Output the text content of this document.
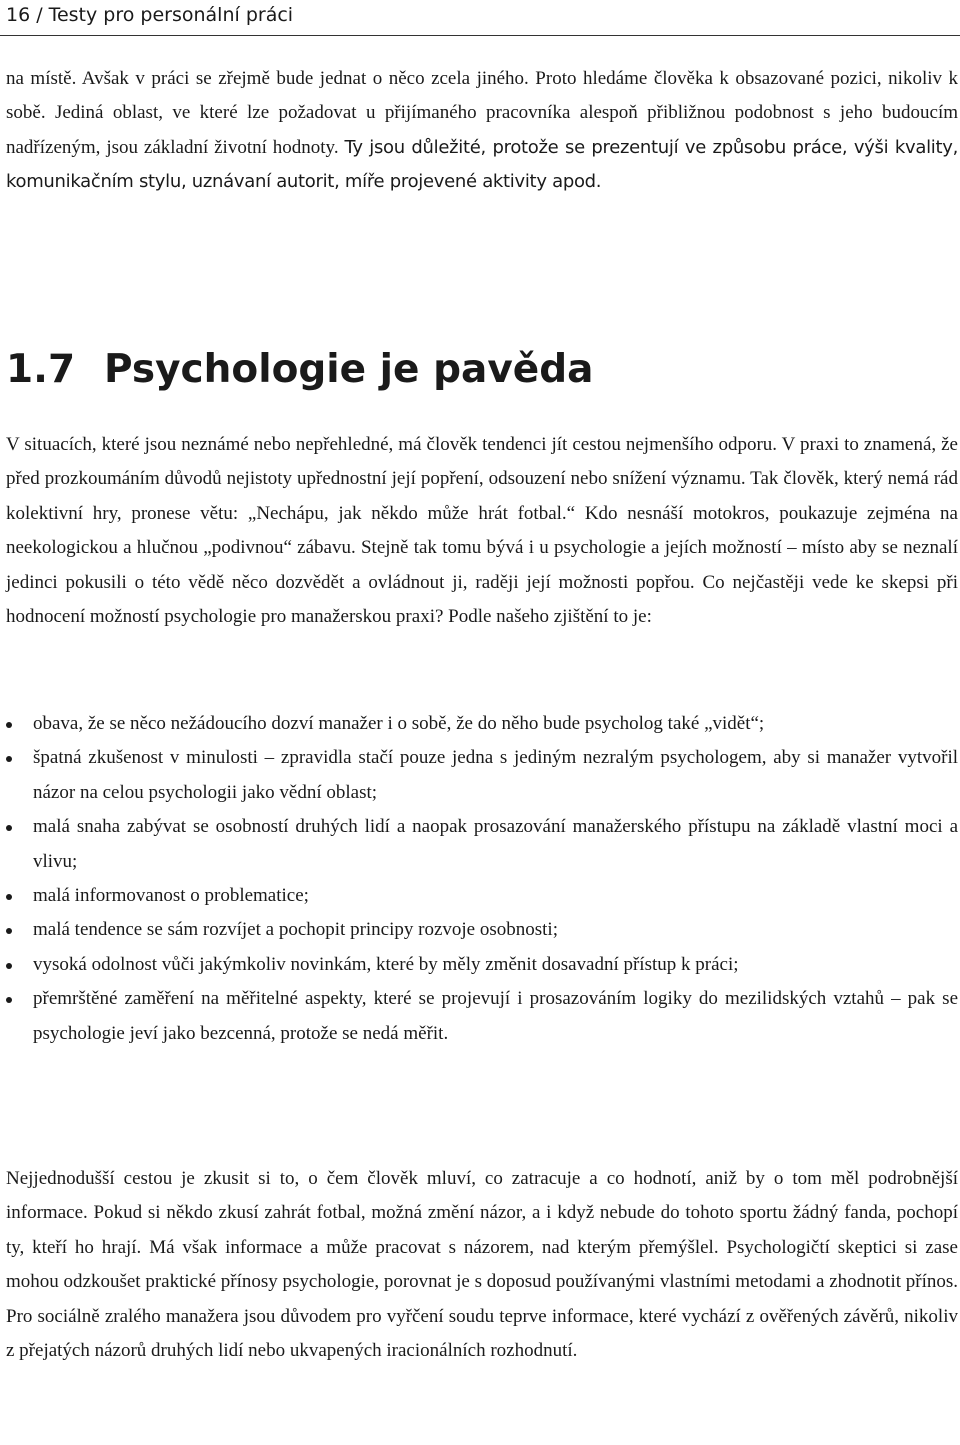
16 / Testy pro personální práci

na místě. Avšak v práci se zřejmě bude jednat o něco zcela jiného. Proto hledáme člověka k obsazované pozici, nikoliv k sobě. Jediná oblast, ve které lze požadovat u přijímaného pracovníka alespoň přibližnou podobnost s jeho budoucím nadřízeným, jsou základní životní hodnoty. Ty jsou důležité, protože se prezentují ve způsobu práce, výši kvality, komunikačním stylu, uznávaní autorit, míře projevené aktivity apod.

1.7 Psychologie je pavěda

V situacích, které jsou neznámé nebo nepřehledné, má člověk tendenci jít cestou nejmenšího odporu. V praxi to znamená, že před prozkoumáním důvodů nejistoty upřednostní její popření, odsouzení nebo snížení významu. Tak člověk, který nemá rád kolektivní hry, pronese větu: „Nechápu, jak někdo může hrát fotbal.“ Kdo nesnáší motokros, poukazuje zejména na neekologickou a hlučnou „podivnou“ zábavu. Stejně tak tomu bývá i u psychologie a jejích možností – místo aby se neznalí jedinci pokusili o této vědě něco dozvědět a ovládnout ji, raději její možnosti popřou. Co nejčastěji vede ke skepsi při hodnocení možností psychologie pro manažerskou praxi? Podle našeho zjištění to je:

obava, že se něco nežádoucího dozví manažer i o sobě, že do něho bude psycholog také „vidět“;
špatná zkušenost v minulosti – zpravidla stačí pouze jedna s jediným nezralým psychologem, aby si manažer vytvořil názor na celou psychologii jako vědní oblast;
malá snaha zabývat se osobností druhých lidí a naopak prosazování manažerského přístupu na základě vlastní moci a vlivu;
malá informovanost o problematice;
malá tendence se sám rozvíjet a pochopit principy rozvoje osobnosti;
vysoká odolnost vůči jakýmkoliv novinkám, které by měly změnit dosavadní přístup k práci;
přemrštěné zaměření na měřitelné aspekty, které se projevují i prosazováním logiky do mezilidských vztahů – pak se psychologie jeví jako bezcenná, protože se nedá měřit.

Nejjednodušší cestou je zkusit si to, o čem člověk mluví, co zatracuje a co hodnotí, aniž by o tom měl podrobnější informace. Pokud si někdo zkusí zahrát fotbal, možná změní názor, a i když nebude do tohoto sportu žádný fanda, pochopí ty, kteří ho hrají. Má však informace a může pracovat s názorem, nad kterým přemýšlel. Psychologičtí skeptici si zase mohou odzkoušet praktické přínosy psychologie, porovnat je s doposud používanými vlastními metodami a zhodnotit přínos. Pro sociálně zralého manažera jsou důvodem pro vyřčení soudu teprve informace, které vychází z ověřených závěrů, nikoliv z přejatých názorů druhých lidí nebo ukvapených iracionálních rozhodnutí.
